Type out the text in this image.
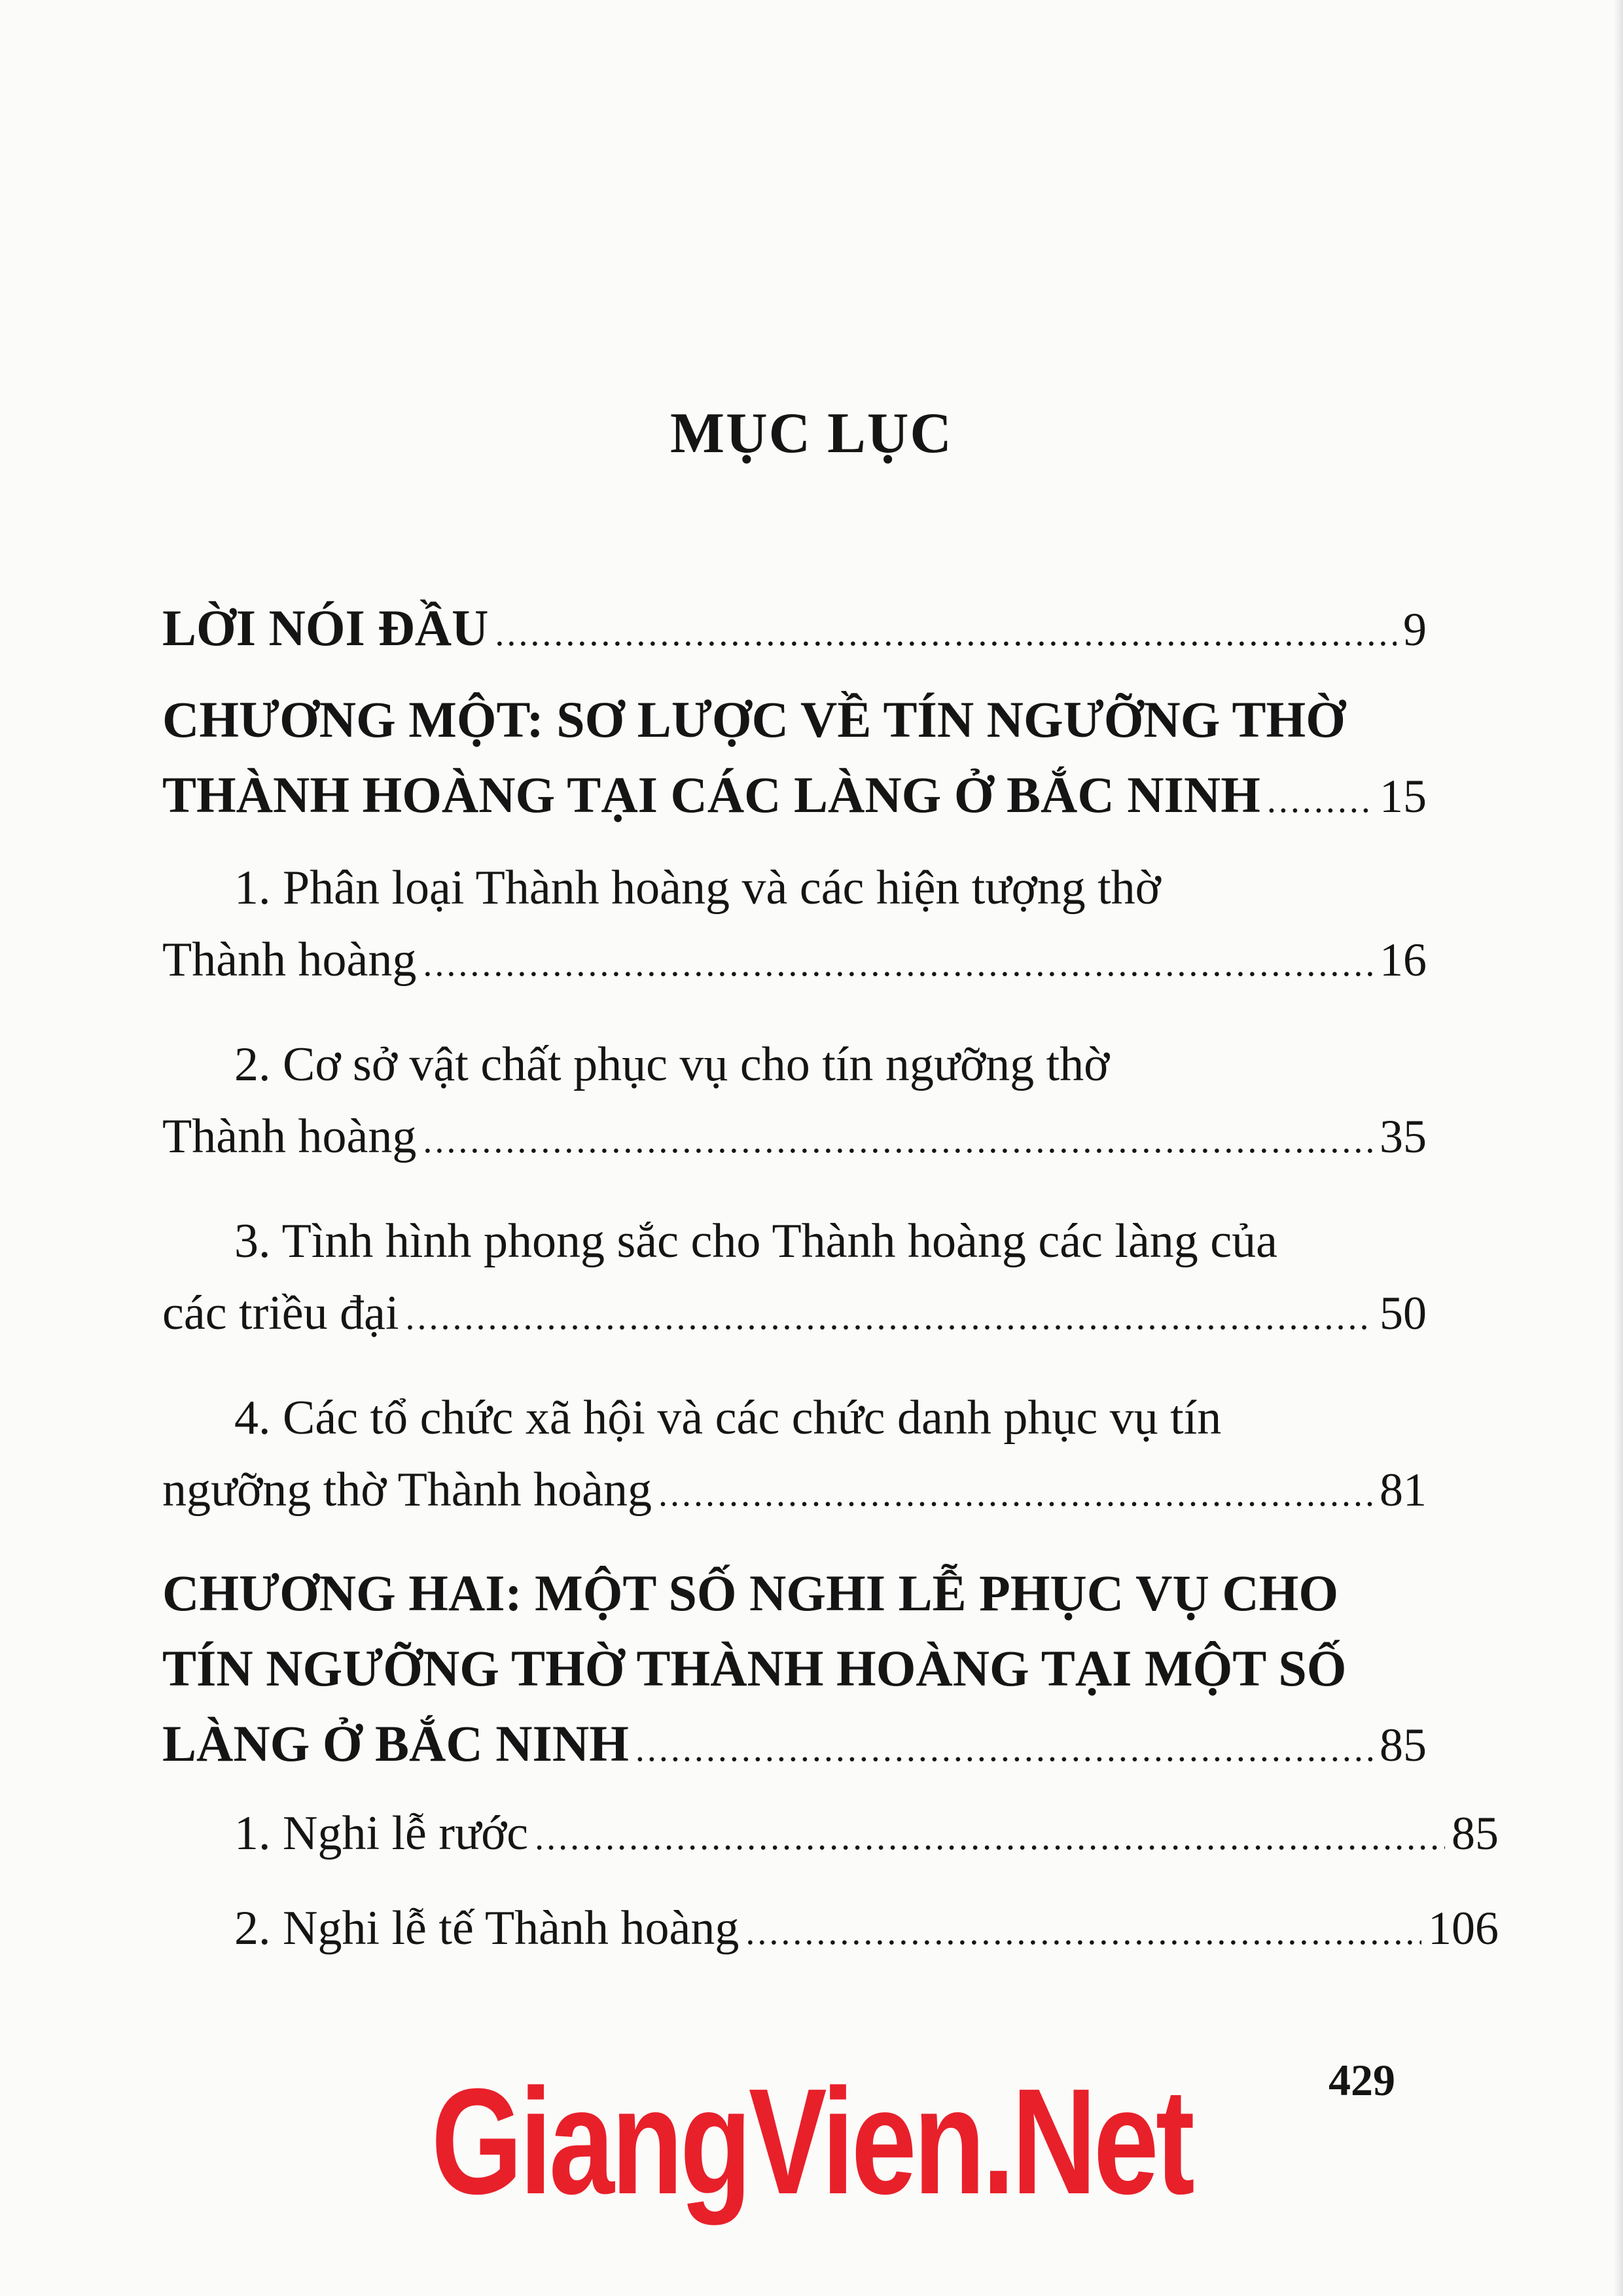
MỤC LỤC
LỜI NÓI ĐẦU .....	9
CHƯƠNG MỘT: SƠ LƯỢC VỀ TÍN NGƯỠNG THỜ
THÀNH HOÀNG TẠI CÁC LÀNG Ở BẮC NINH .....	15
1. Phân loại Thành hoàng và các hiện tượng thờ
Thành hoàng .....	16
2. Cơ sở vật chất phục vụ cho tín ngưỡng thờ
Thành hoàng .....	35
3. Tình hình phong sắc cho Thành hoàng các làng của
các triều đại .....	50
4. Các tổ chức xã hội và các chức danh phục vụ tín
ngưỡng thờ Thành hoàng .....	81
CHƯƠNG HAI: MỘT SỐ NGHI LỄ PHỤC VỤ CHO
TÍN NGƯỠNG THỜ THÀNH HOÀNG TẠI MỘT SỐ
LÀNG Ở BẮC NINH .....	85
1. Nghi lễ rước .....	85
2. Nghi lễ tế Thành hoàng .....	106
429
GiangVien.Net
